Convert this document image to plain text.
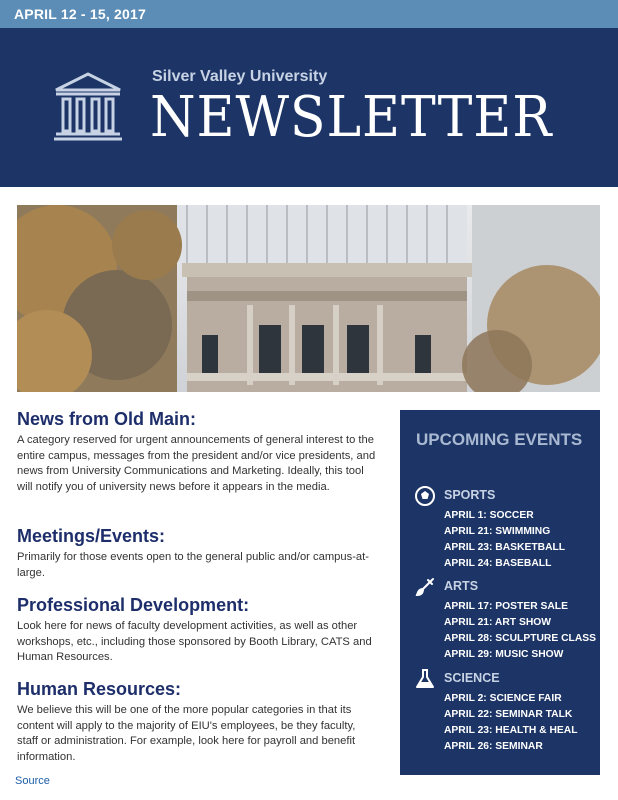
APRIL 12 - 15, 2017
Silver Valley University
NEWSLETTER
News from Old Main:

A category reserved for urgent announcements of general interest to the entire campus, messages from the president and/or vice presidents, and news from University Communications and Marketing. Ideally, this tool will notify you of university news before it appears in the media.

Meetings/Events:

Primarily for those events open to the general public and/or campus-at-large.

Professional Development:

Look here for news of faculty development activities, as well as other workshops, etc., including those sponsored by Booth Library, CATS and Human Resources.

Human Resources:

We believe this will be one of the more popular categories in that its content will apply to the majority of EIU's employees, be they faculty, staff or administration. For example, look here for payroll and benefit information.

Source
UPCOMING EVENTS
SPORTS
APRIL 1: SOCCER
APRIL 21: SWIMMING
APRIL 23: BASKETBALL
APRIL 24: BASEBALL
ARTS
APRIL 17: POSTER SALE
APRIL 21: ART SHOW
APRIL 28: SCULPTURE CLASS
APRIL 29: MUSIC SHOW
SCIENCE
APRIL 2: SCIENCE FAIR
APRIL 22: SEMINAR TALK
APRIL 23: HEALTH & HEAL
APRIL 26: SEMINAR
